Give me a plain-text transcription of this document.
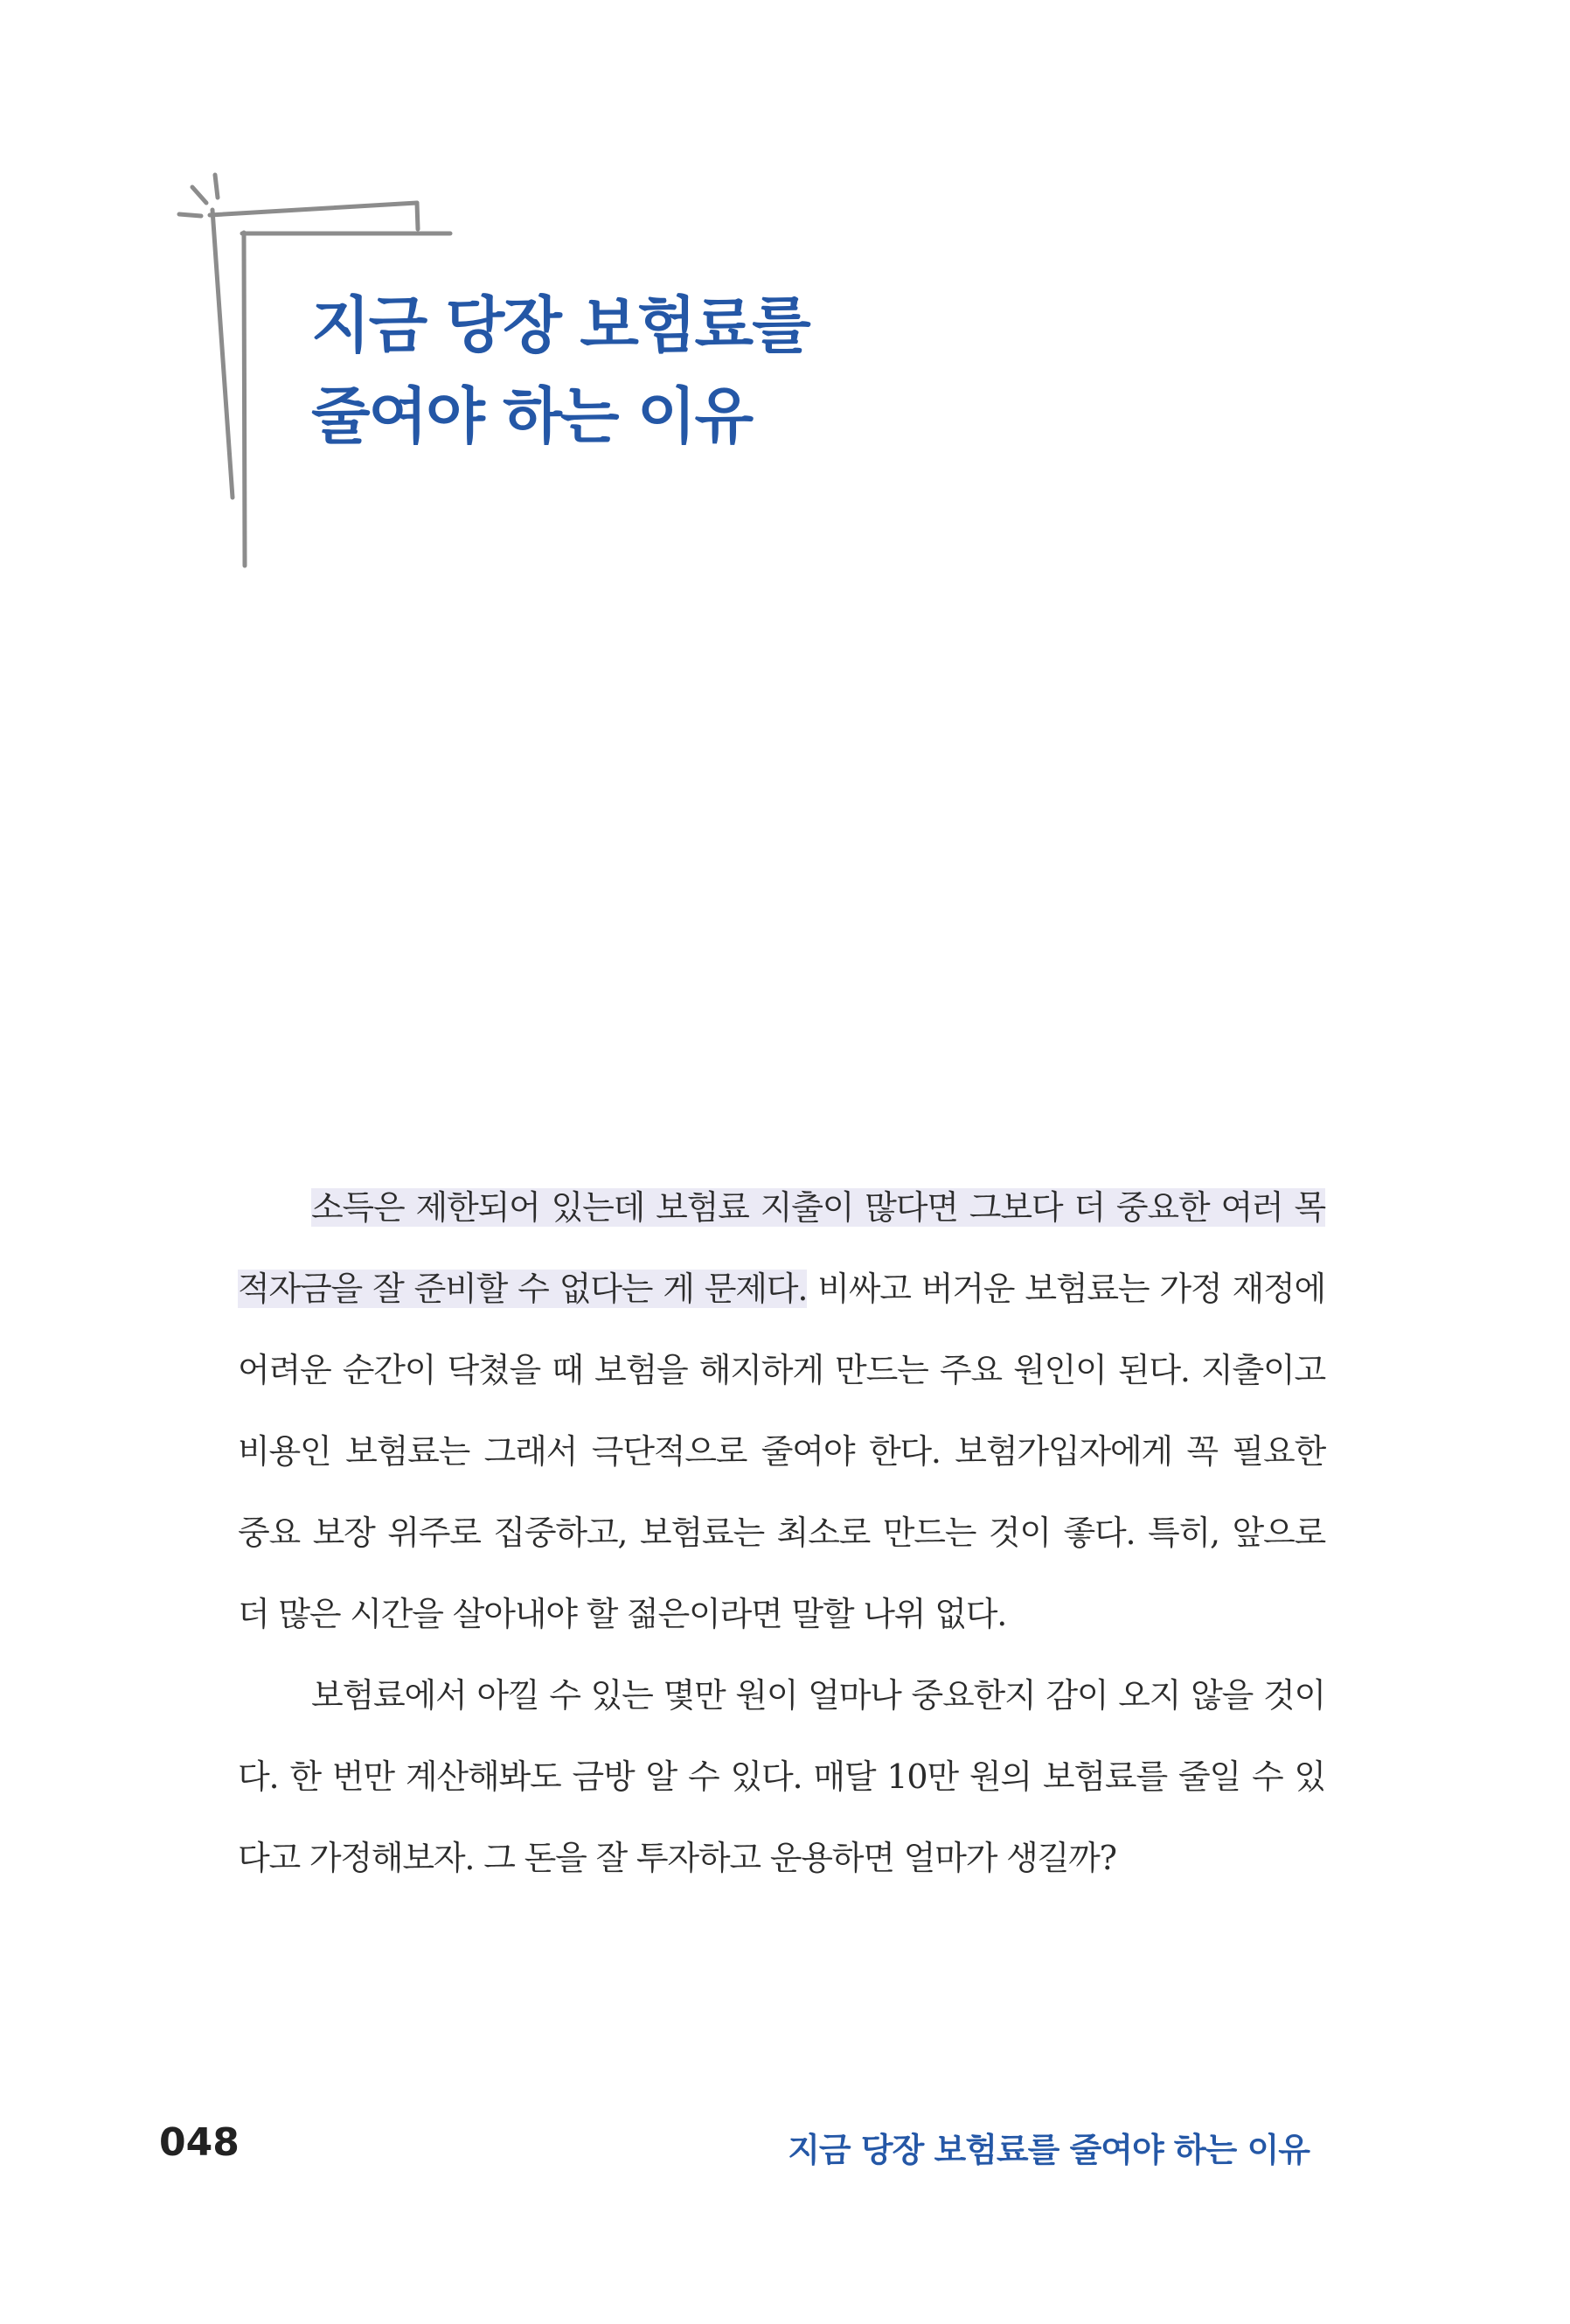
지금 당장 보험료를
줄여야 하는 이유

소득은 제한되어 있는데 보험료 지출이 많다면 그보다 더 중요한 여러 목적자금을 잘 준비할 수 없다는 게 문제다. 비싸고 버거운 보험료는 가정 재정에 어려운 순간이 닥쳤을 때 보험을 해지하게 만드는 주요 원인이 된다. 지출이고 비용인 보험료는 그래서 극단적으로 줄여야 한다. 보험가입자에게 꼭 필요한 중요 보장 위주로 집중하고, 보험료는 최소로 만드는 것이 좋다. 특히, 앞으로 더 많은 시간을 살아내야 할 젊은이라면 말할 나위 없다.

보험료에서 아낄 수 있는 몇만 원이 얼마나 중요한지 감이 오지 않을 것이다. 한 번만 계산해봐도 금방 알 수 있다. 매달 10만 원의 보험료를 줄일 수 있다고 가정해보자. 그 돈을 잘 투자하고 운용하면 얼마가 생길까?

048	지금 당장 보험료를 줄여야 하는 이유
